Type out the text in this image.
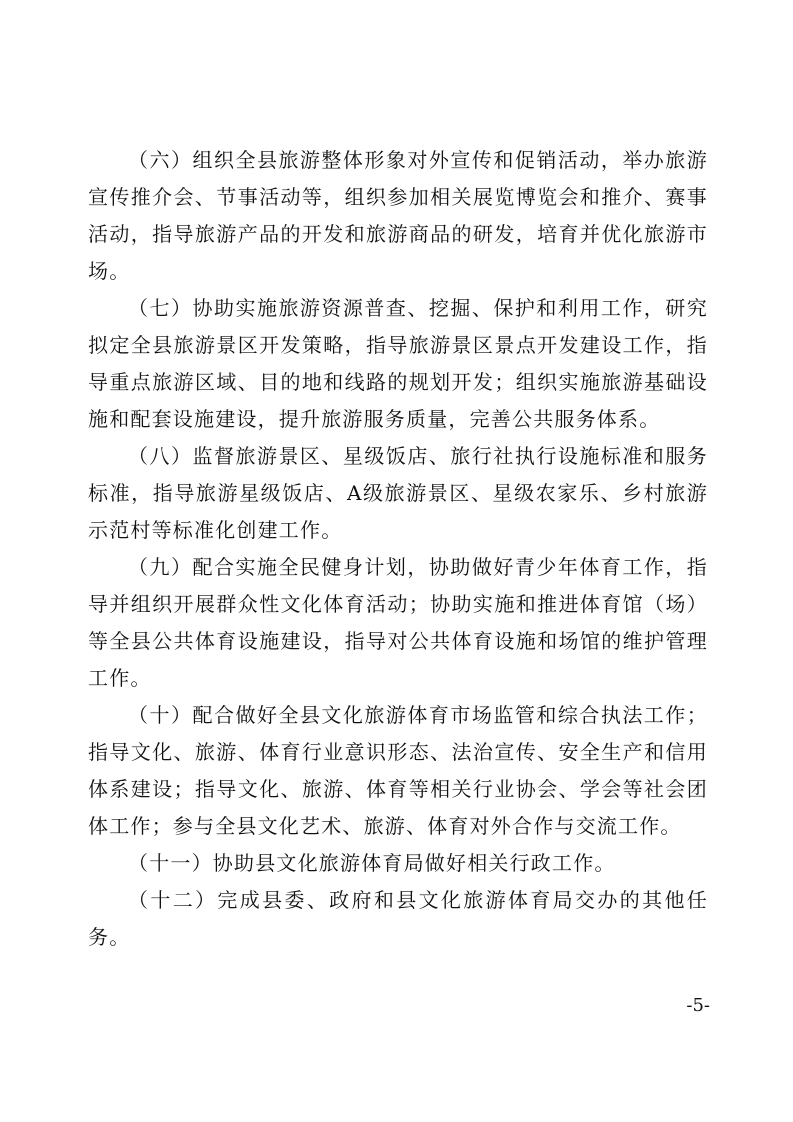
（六）组织全县旅游整体形象对外宣传和促销活动，举办旅游宣传推介会、节事活动等，组织参加相关展览博览会和推介、赛事活动，指导旅游产品的开发和旅游商品的研发，培育并优化旅游市场。

（七）协助实施旅游资源普查、挖掘、保护和利用工作，研究拟定全县旅游景区开发策略，指导旅游景区景点开发建设工作，指导重点旅游区域、目的地和线路的规划开发；组织实施旅游基础设施和配套设施建设，提升旅游服务质量，完善公共服务体系。

（八）监督旅游景区、星级饭店、旅行社执行设施标准和服务标准，指导旅游星级饭店、A级旅游景区、星级农家乐、乡村旅游示范村等标准化创建工作。

（九）配合实施全民健身计划，协助做好青少年体育工作，指导并组织开展群众性文化体育活动；协助实施和推进体育馆（场）等全县公共体育设施建设，指导对公共体育设施和场馆的维护管理工作。

（十）配合做好全县文化旅游体育市场监管和综合执法工作；指导文化、旅游、体育行业意识形态、法治宣传、安全生产和信用体系建设；指导文化、旅游、体育等相关行业协会、学会等社会团体工作；参与全县文化艺术、旅游、体育对外合作与交流工作。

（十一）协助县文化旅游体育局做好相关行政工作。

（十二）完成县委、政府和县文化旅游体育局交办的其他任务。

-5-
